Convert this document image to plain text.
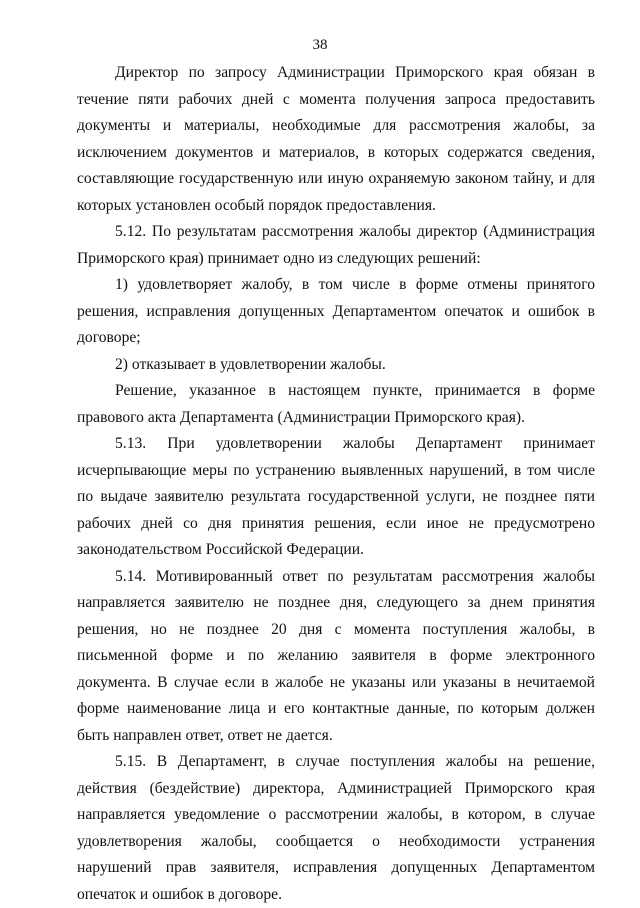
38

Директор по запросу Администрации Приморского края обязан в течение пяти рабочих дней с момента получения запроса предоставить документы и материалы, необходимые для рассмотрения жалобы, за исключением документов и материалов, в которых содержатся сведения, составляющие государственную или иную охраняемую законом тайну, и для которых установлен особый порядок предоставления.

5.12. По результатам рассмотрения жалобы директор (Администрация Приморского края) принимает одно из следующих решений:

1) удовлетворяет жалобу, в том числе в форме отмены принятого решения, исправления допущенных Департаментом опечаток и ошибок в договоре;

2) отказывает в удовлетворении жалобы.

Решение, указанное в настоящем пункте, принимается в форме правового акта Департамента (Администрации Приморского края).

5.13. При удовлетворении жалобы Департамент принимает исчерпывающие меры по устранению выявленных нарушений, в том числе по выдаче заявителю результата государственной услуги, не позднее пяти рабочих дней со дня принятия решения, если иное не предусмотрено законодательством Российской Федерации.

5.14. Мотивированный ответ по результатам рассмотрения жалобы направляется заявителю не позднее дня, следующего за днем принятия решения, но не позднее 20 дня с момента поступления жалобы, в письменной форме и по желанию заявителя в форме электронного документа. В случае если в жалобе не указаны или указаны в нечитаемой форме наименование лица и его контактные данные, по которым должен быть направлен ответ, ответ не дается.

5.15. В Департамент, в случае поступления жалобы на решение, действия (бездействие) директора, Администрацией Приморского края направляется уведомление о рассмотрении жалобы, в котором, в случае удовлетворения жалобы, сообщается о необходимости устранения нарушений прав заявителя, исправления допущенных Департаментом опечаток и ошибок в договоре.
